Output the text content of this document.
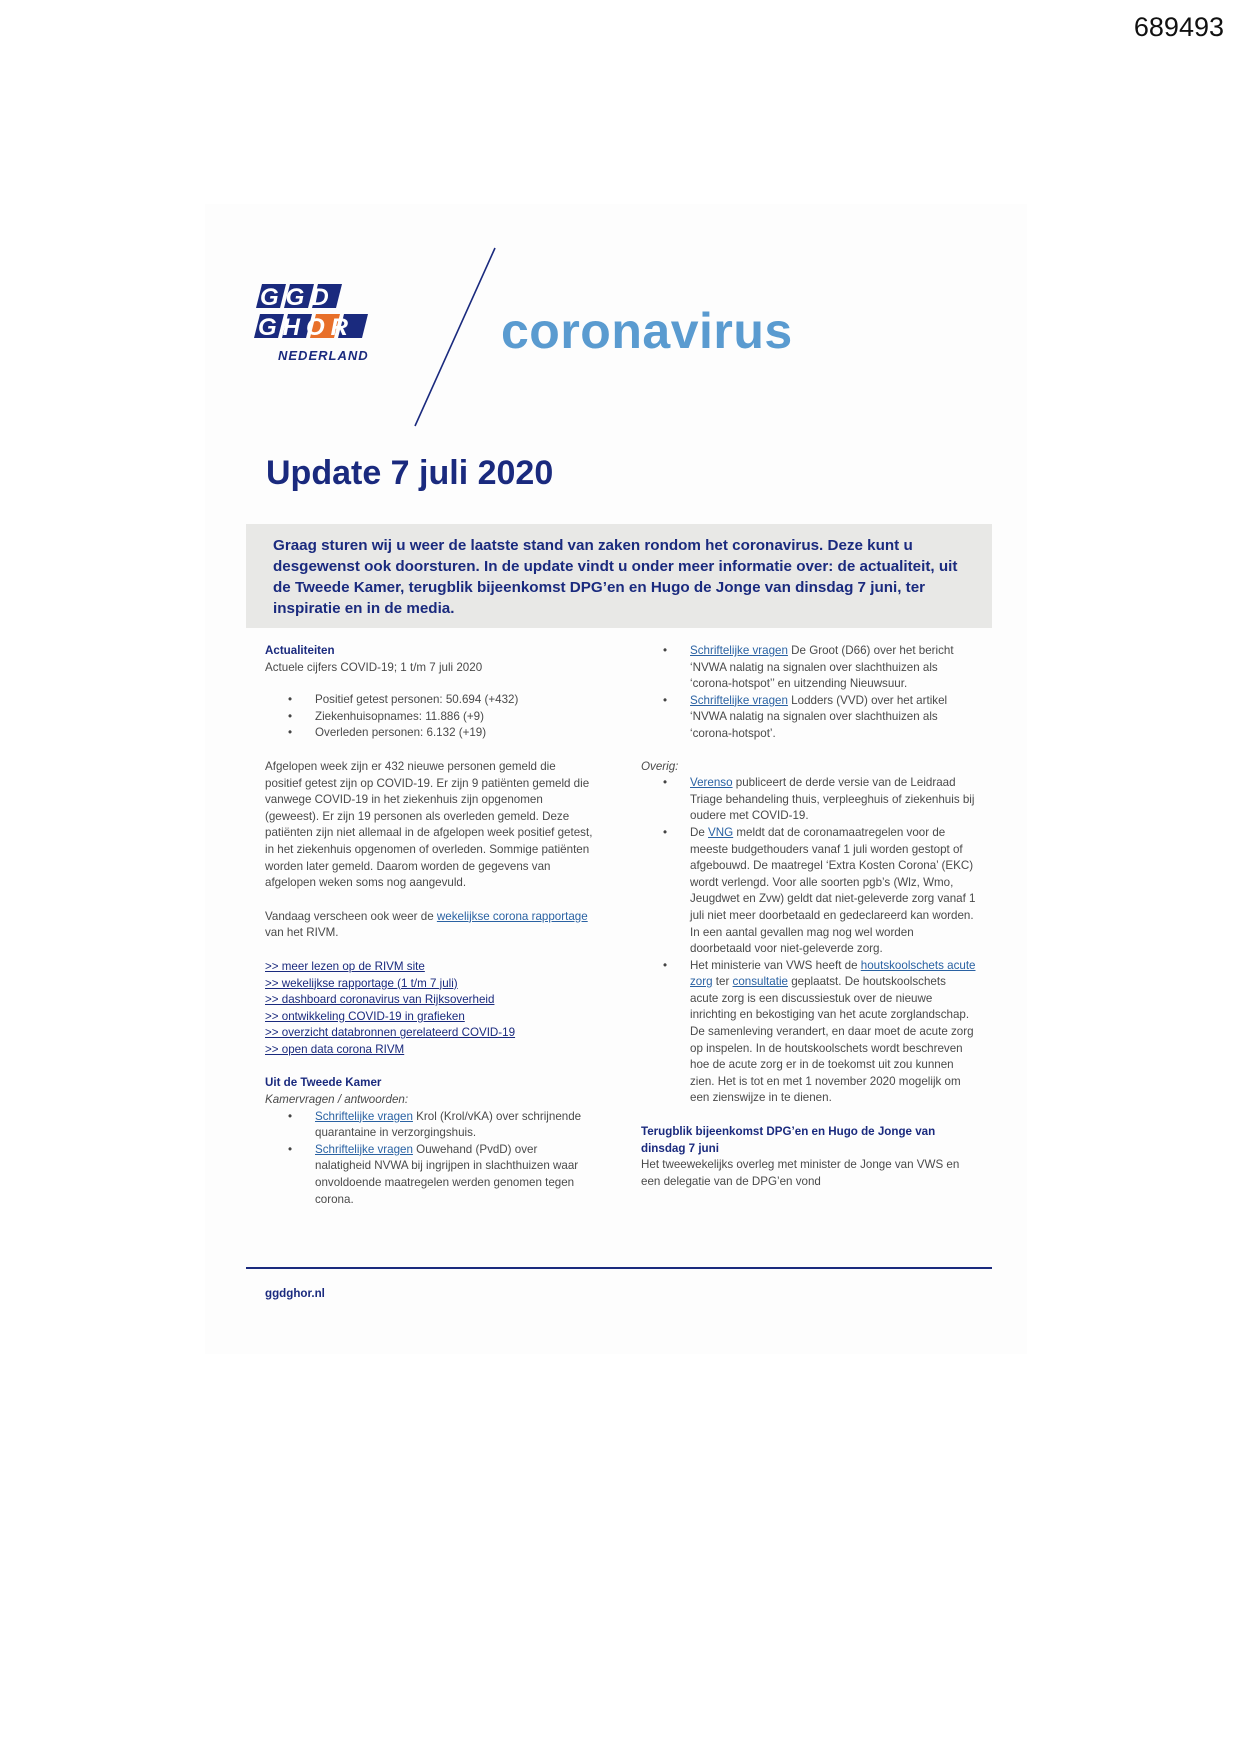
689493
GGD
GHOR
NEDERLAND	coronavirus
Update 7 juli 2020

Graag sturen wij u weer de laatste stand van zaken rondom het coronavirus. Deze kunt u desgewenst ook doorsturen. In de update vindt u onder meer informatie over: de actualiteit, uit de Tweede Kamer, terugblik bijeenkomst DPG’en en Hugo de Jonge van dinsdag 7 juni, ter inspiratie en in de media.

Actualiteiten

Actuele cijfers COVID-19; 1 t/m 7 juli 2020

• Positief getest personen: 50.694 (+432)
• Ziekenhuisopnames: 11.886 (+9)
• Overleden personen: 6.132 (+19)

Afgelopen week zijn er 432 nieuwe personen gemeld die positief getest zijn op COVID-19. Er zijn 9 patiënten gemeld die vanwege COVID-19 in het ziekenhuis zijn opgenomen (geweest). Er zijn 19 personen als overleden gemeld. Deze patiënten zijn niet allemaal in de afgelopen week positief getest, in het ziekenhuis opgenomen of overleden. Sommige patiënten worden later gemeld. Daarom worden de gegevens van afgelopen weken soms nog aangevuld.

Vandaag verscheen ook weer de wekelijkse corona rapportage van het RIVM.

>> meer lezen op de RIVM site
>> wekelijkse rapportage (1 t/m 7 juli)
>> dashboard coronavirus van Rijksoverheid
>> ontwikkeling COVID-19 in grafieken
>> overzicht databronnen gerelateerd COVID-19
>> open data corona RIVM

Uit de Tweede Kamer

Kamervragen / antwoorden:

• Schriftelijke vragen Krol (Krol/vKA) over schrijnende quarantaine in verzorgingshuis.
• Schriftelijke vragen Ouwehand (PvdD) over nalatigheid NVWA bij ingrijpen in slachthuizen waar onvoldoende maatregelen werden genomen tegen corona.
• Schriftelijke vragen De Groot (D66) over het bericht ‘NVWA nalatig na signalen over slachthuizen als ‘corona-hotspot’’ en uitzending Nieuwsuur.
• Schriftelijke vragen Lodders (VVD) over het artikel ‘NVWA nalatig na signalen over slachthuizen als ‘corona-hotspot’.

Overig:

• Verenso publiceert de derde versie van de Leidraad Triage behandeling thuis, verpleeghuis of ziekenhuis bij oudere met COVID-19.
• De VNG meldt dat de coronamaatregelen voor de meeste budgethouders vanaf 1 juli worden gestopt of afgebouwd. De maatregel ‘Extra Kosten Corona’ (EKC) wordt verlengd. Voor alle soorten pgb’s (Wlz, Wmo, Jeugdwet en Zvw) geldt dat niet-geleverde zorg vanaf 1 juli niet meer doorbetaald en gedeclareerd kan worden. In een aantal gevallen mag nog wel worden doorbetaald voor niet-geleverde zorg.
• Het ministerie van VWS heeft de houtskoolschets acute zorg ter consultatie geplaatst. De houtskoolschets acute zorg is een discussiestuk over de nieuwe inrichting en bekostiging van het acute zorglandschap. De samenleving verandert, en daar moet de acute zorg op inspelen. In de houtskoolschets wordt beschreven hoe de acute zorg er in de toekomst uit zou kunnen zien. Het is tot en met 1 november 2020 mogelijk om een zienswijze in te dienen.

Terugblik bijeenkomst DPG’en en Hugo de Jonge van dinsdag 7 juni

Het tweewekelijks overleg met minister de Jonge van VWS en een delegatie van de DPG’en vond

ggdghor.nl
